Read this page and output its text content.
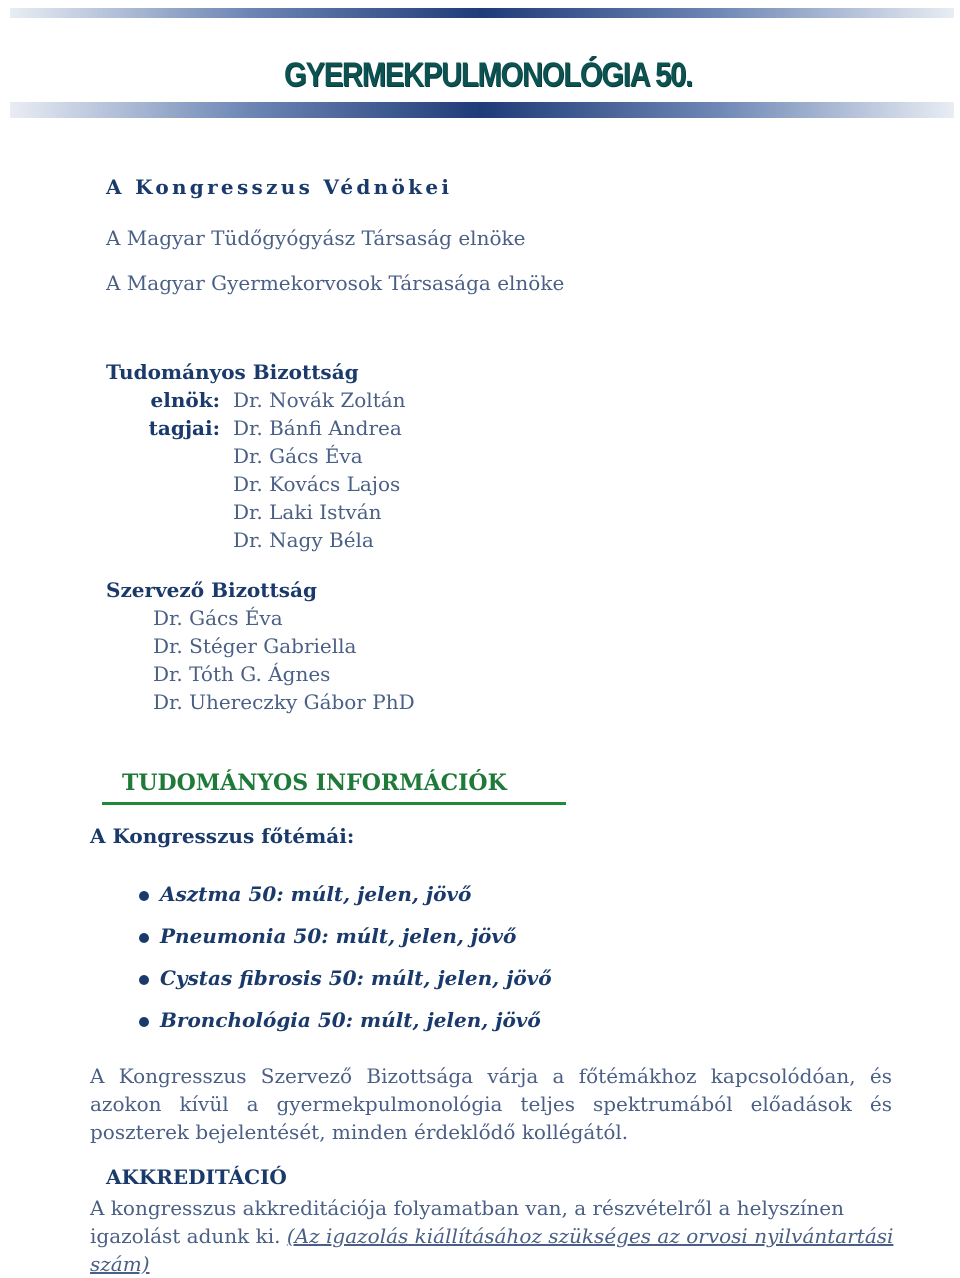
GYERMEKPULMONOLÓGIA 50.
A Kongresszus Védnökei
A Magyar Tüdőgyógyász Társaság elnöke
A Magyar Gyermekorvosok Társasága elnöke
Tudományos Bizottság
elnök: Dr. Novák Zoltán
tagjai: Dr. Bánfi Andrea
Dr. Gács Éva
Dr. Kovács Lajos
Dr. Laki István
Dr. Nagy Béla
Szervező Bizottság
Dr. Gács Éva
Dr. Stéger Gabriella
Dr. Tóth G. Ágnes
Dr. Uhereczky Gábor PhD
TUDOMÁNYOS INFORMÁCIÓK
A Kongresszus főtémái:
Asztma 50: múlt, jelen, jövő
Pneumonia 50: múlt, jelen, jövő
Cystas fibrosis 50: múlt, jelen, jövő
Bronchológia 50: múlt, jelen, jövő
A Kongresszus Szervező Bizottsága várja a főtémákhoz kapcsolódóan, és azokon kívül a gyermekpulmonológia teljes spektrumából előadások és poszterek bejelentését, minden érdeklődő kollégától.
AKKREDITÁCIÓ
A kongresszus akkreditációja folyamatban van, a részvételről a helyszínen igazolást adunk ki. (Az igazolás kiállításához szükséges az orvosi nyilvántartási szám)
